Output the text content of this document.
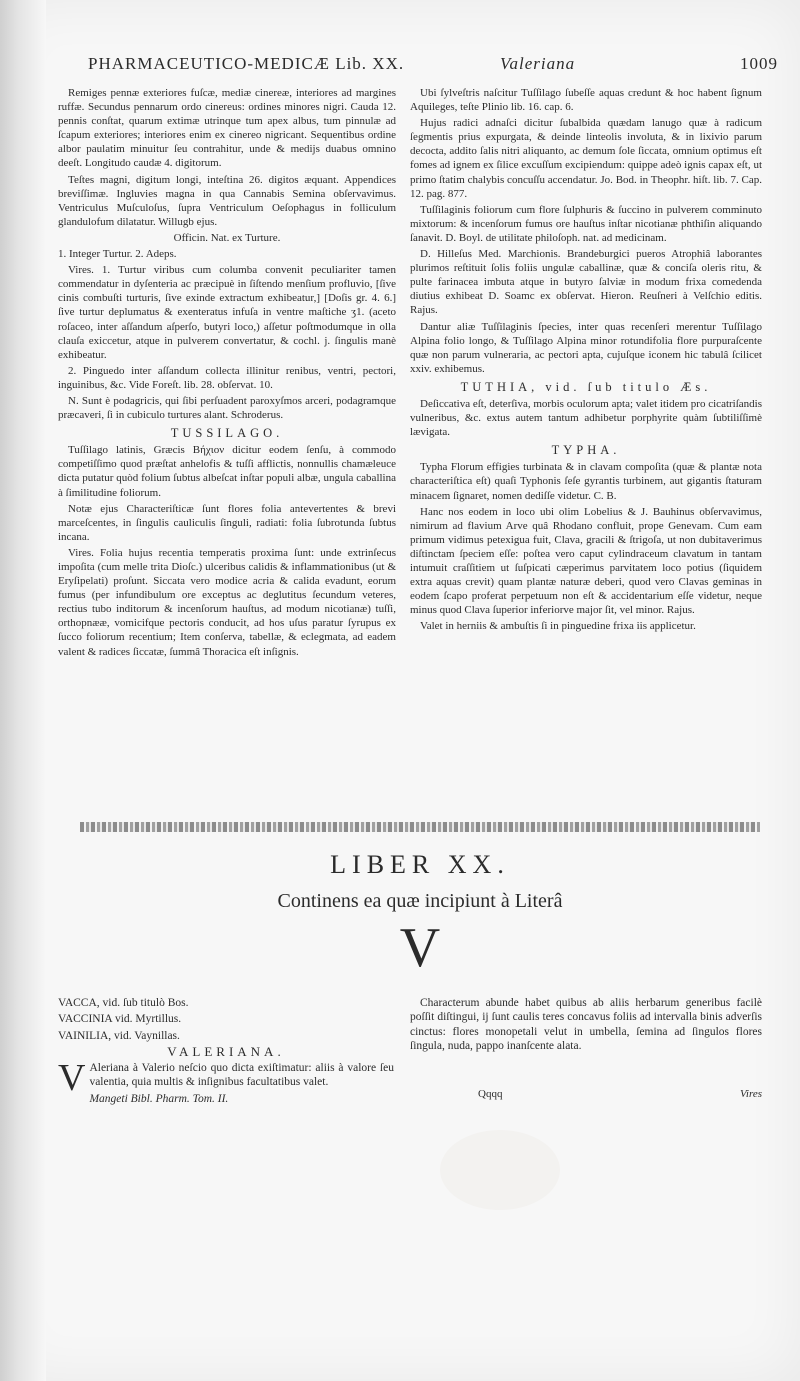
PHARMACEUTICO-MEDICÆ Lib. XX.	Valeriana	1009

Remiges pennæ exteriores fuſcæ, mediæ cinereæ, interiores ad margines ruffæ. Secundus pennarum ordo cinereus: ordines minores nigri. Cauda 12. pennis conſtat, quarum extimæ utrinque tum apex albus, tum pinnulæ ad ſcapum exteriores; interiores enim ex cinereo nigricant. Sequentibus ordine albor paulatim minuitur ſeu contrahitur, unde & medijs duabus omnino deeſt. Longitudo caudæ 4. digitorum.

Teſtes magni, digitum longi, inteſtina 26. digitos æquant. Appendices breviſſimæ. Ingluvies magna in qua Cannabis Semina obſervavimus. Ventriculus Muſculoſus, ſupra Ventriculum Oeſophagus in folliculum glandulofum dilatatur. Willugb ejus.

Officin. Nat. ex Turture.

1. Integer Turtur. 2. Adeps.

Vires. 1. Turtur viribus cum columba convenit peculiariter tamen commendatur in dyſenteria ac præcipuè in ſiſtendo menſium profluvio, [ſive cinis combuſti turturis, ſive exinde extractum exhibeatur,] [Doſis gr. 4. 6.] ſive turtur deplumatus & exenteratus infuſa in ventre maſtiche ʒ1. (aceto roſaceo, inter aſſandum aſperſo, butyri loco,) aſſetur poſtmodumque in olla clauſa exiccetur, atque in pulverem convertatur, & cochl. j. ſingulis manè exhibeatur.

2. Pinguedo inter aſſandum collecta illinitur renibus, ventri, pectori, inguinibus, &c. Vide Foreſt. lib. 28. obſervat. 10.

N. Sunt è podagricis, qui ſibi perſuadent paroxyſmos arceri, podagramque præcaveri, ſi in cubiculo turtures alant. Schroderus.

TUSSILAGO.

Tuſſilago latinis, Græcis Βήχιον dicitur eodem ſenſu, à commodo competiſſimo quod præſtat anhelofis & tuſſi afflictis, nonnullis chamæleuce dicta putatur quòd folium ſubtus albeſcat inſtar populi albæ, ungula caballina à ſimilitudine foliorum.

Notæ ejus Characteriſticæ ſunt flores folia antevertentes & brevi marceſcentes, in ſingulis cauliculis ſinguli, radiati: folia ſubrotunda ſubtus incana.

Vires. Folia hujus recentia temperatis proxima ſunt: unde extrinſecus impoſita (cum melle trita Dioſc.) ulceribus calidis & inflammationibus (ut & Eryſipelati) proſunt. Siccata vero modice acria & calida evadunt, eorum fumus (per infundibulum ore exceptus ac deglutitus ſecundum veteres, rectius tubo inditorum & incenſorum hauſtus, ad modum nicotianæ) tuſſi, orthopnææ, vomicifque pectoris conducit, ad hos uſus paratur ſyrupus ex ſucco foliorum recentium; Item conſerva, tabellæ, & eclegmata, ad eadem valent & radices ſiccatæ, ſummâ Thoracica eſt inſignis.

Ubi ſylveſtris naſcitur Tuſſilago ſubeſſe aquas credunt & hoc habent ſignum Aquileges, teſte Plinio lib. 16. cap. 6.

Hujus radici adnaſci dicitur ſubalbida quædam lanugo quæ à radicum ſegmentis prius expurgata, & deinde linteolis involuta, & in lixivio parum decocta, addito ſalis nitri aliquanto, ac demum ſole ſiccata, omnium optimus eſt fomes ad ignem ex ſilice excuſſum excipiendum: quippe adeò ignis capax eſt, ut primo ſtatim chalybis concuſſu accendatur. Jo. Bod. in Theophr. hiſt. lib. 7. Cap. 12. pag. 877.

Tuſſilaginis foliorum cum flore ſulphuris & ſuccino in pulverem comminuto mixtorum: & incenſorum fumus ore hauſtus inſtar nicotianæ phthiſin aliquando ſanavit. D. Boyl. de utilitate philoſoph. nat. ad medicinam.

D. Hilleſus Med. Marchionis. Brandeburgici pueros Atrophiâ laborantes plurimos reſtituit ſolis foliis ungulæ caballinæ, quæ & conciſa oleris ritu, & pulte farinacea imbuta atque in butyro ſalviæ in modum frixa comedenda diutius exhibeat D. Soamc ex obſervat. Hieron. Reuſneri à Velſchio editis. Rajus.

Dantur aliæ Tuſſilaginis ſpecies, inter quas recenſeri merentur Tuſſilago Alpina folio longo, & Tuſſilago Alpina minor rotundifolia flore purpuraſcente quæ non parum vulneraria, ac pectori apta, cujuſque iconem hic tabulâ ſcilicet xxiv. exhibemus.

TUTHIA, vid. ſub titulo Æs.

Deſiccativa eſt, deterſiva, morbis oculorum apta; valet itidem pro cicatriſandis vulneribus, &c. extus autem tantum adhibetur porphyrite quàm ſubtiliſſimè lævigata.

TYPHA.

Typha Florum effigies turbinata & in clavam compoſita (quæ & plantæ nota characteriſtica eſt) quaſi Typhonis ſeſe gyrantis turbinem, aut gigantis ſtaturam minacem ſignaret, nomen dediſſe videtur. C. B.

Hanc nos eodem in loco ubi olim Lobelius & J. Bauhinus obſervavimus, nimirum ad flavium Arve quâ Rhodano confluit, prope Genevam. Cum eam primum vidimus petexigua fuit, Clava, gracili & ſtrigoſa, ut non dubitaverimus diſtinctam ſpeciem eſſe: poſtea vero caput cylindraceum clavatum in tantam intumuit craſſitiem ut ſuſpicati cæperimus parvitatem loco potius (ſiquidem extra aquas crevit) quam plantæ naturæ deberi, quod vero Clavas geminas in eodem ſcapo proferat perpetuum non eſt & accidentarium eſſe videtur, neque minus quod Clava ſuperior inferiorve major ſit, vel minor. Rajus.

Valet in herniis & ambuſtis ſi in pinguedine frixa iis applicetur.

LIBER XX.
Continens ea quæ incipiunt à Literâ
V

VACCA, vid. ſub titulò Bos.

VACCINIA vid. Myrtillus.

VAINILIA, vid. Vaynillas.

VALERIANA.

V Aleriana à Valerio neſcio quo dicta exiſtimatur: aliis à valore ſeu valentia, quia multis & inſignibus facultatibus valet.

Mangeti Bibl. Pharm. Tom. II.

Characterum abunde habet quibus ab aliis herbarum generibus facilè poſſit diſtingui, ij ſunt caulis teres concavus foliis ad intervalla binis adverſis cinctus: flores monopetali velut in umbella, ſemina ad ſingulos flores ſingula, nuda, pappo inanſcente alata.

Qqqq	Vires
